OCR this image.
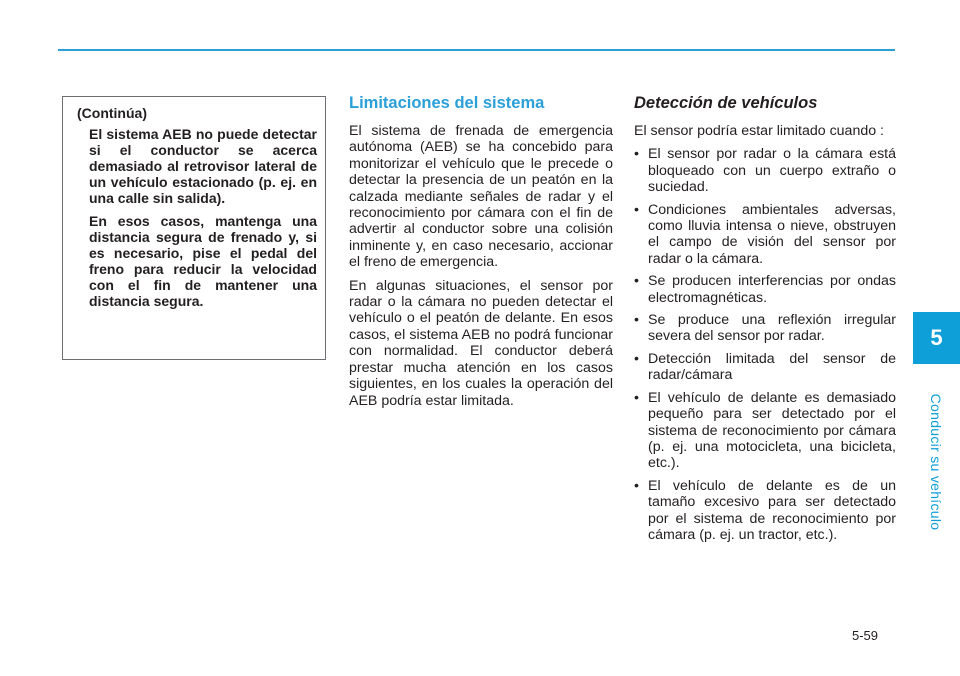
5
Conducir su vehículo
(Continúa)

El sistema AEB no puede detectar si el conductor se acerca demasiado al retrovisor lateral de un vehículo estacionado (p. ej. en una calle sin salida).

En esos casos, mantenga una distancia segura de frenado y, si es necesario, pise el pedal del freno para reducir la velocidad con el fin de mantener una distancia segura.

Limitaciones del sistema

El sistema de frenada de emergencia autónoma (AEB) se ha concebido para monitorizar el vehículo que le precede o detectar la presencia de un peatón en la calzada mediante señales de radar y el reconocimiento por cámara con el fin de advertir al conductor sobre una colisión inminente y, en caso necesario, accionar el freno de emergencia.

En algunas situaciones, el sensor por radar o la cámara no pueden detectar el vehículo o el peatón de delante. En esos casos, el sistema AEB no podrá funcionar con normalidad. El conductor deberá prestar mucha atención en los casos siguientes, en los cuales la operación del AEB podría estar limitada.

Detección de vehículos

El sensor podría estar limitado cuando :

• El sensor por radar o la cámara está bloqueado con un cuerpo extraño o suciedad.
• Condiciones ambientales adversas, como lluvia intensa o nieve, obstruyen el campo de visión del sensor por radar o la cámara.
• Se producen interferencias por ondas electromagnéticas.
• Se produce una reflexión irregular severa del sensor por radar.
• Detección limitada del sensor de radar/cámara
• El vehículo de delante es demasiado pequeño para ser detectado por el sistema de reconocimiento por cámara (p. ej. una motocicleta, una bicicleta, etc.).
• El vehículo de delante es de un tamaño excesivo para ser detectado por el sistema de reconocimiento por cámara (p. ej. un tractor, etc.).
5-59
